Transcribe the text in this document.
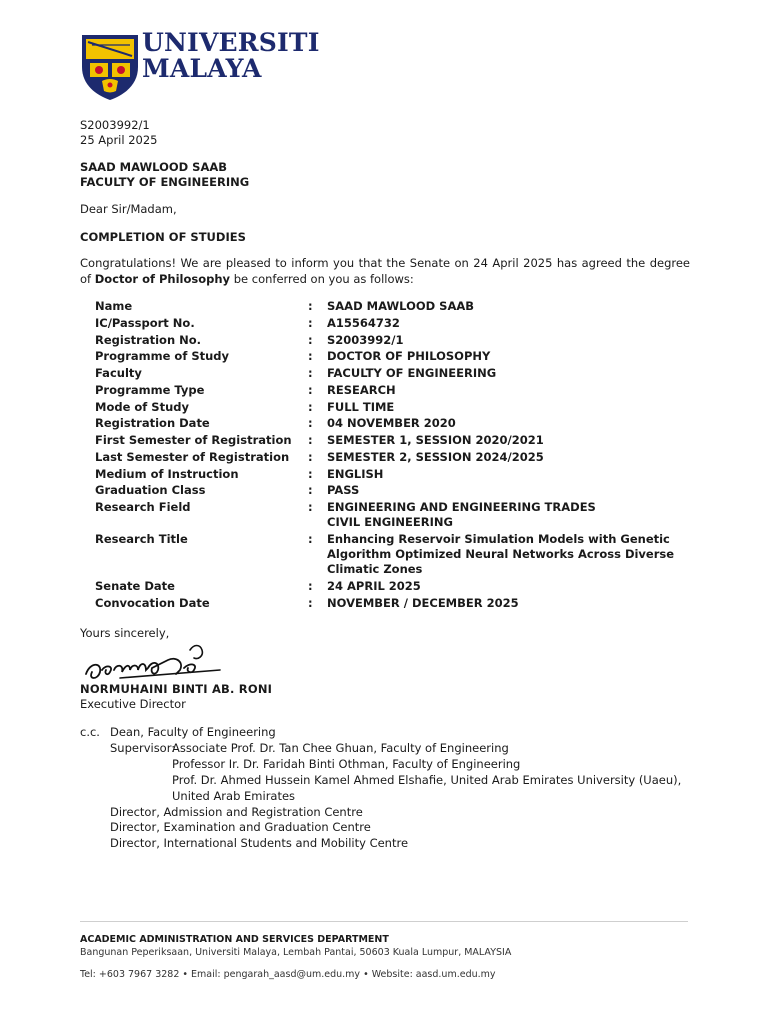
UNIVERSITI
MALAYA
S2003992/1
25 April 2025
SAAD MAWLOOD SAAB
FACULTY OF ENGINEERING
Dear Sir/Madam,
COMPLETION OF STUDIES
Congratulations! We are pleased to inform you that the Senate on 24 April 2025 has agreed the degree of Doctor of Philosophy be conferred on you as follows:
Name	:	SAAD MAWLOOD SAAB
IC/Passport No.	:	A15564732
Registration No.	:	S2003992/1
Programme of Study	:	DOCTOR OF PHILOSOPHY
Faculty	:	FACULTY OF ENGINEERING
Programme Type	:	RESEARCH
Mode of Study	:	FULL TIME
Registration Date	:	04 NOVEMBER 2020
First Semester of Registration	:	SEMESTER 1, SESSION 2020/2021
Last Semester of Registration	:	SEMESTER 2, SESSION 2024/2025
Medium of Instruction	:	ENGLISH
Graduation Class	:	PASS
Research Field	:	ENGINEERING AND ENGINEERING TRADES
CIVIL ENGINEERING
Research Title	:	Enhancing Reservoir Simulation Models with Genetic
Algorithm Optimized Neural Networks Across Diverse
Climatic Zones
Senate Date	:	24 APRIL 2025
Convocation Date	:	NOVEMBER / DECEMBER 2025
Yours sincerely,
NORMUHAINI BINTI AB. RONI
Executive Director
c.c. Dean, Faculty of Engineering
Supervisor:Associate Prof. Dr. Tan Chee Ghuan, Faculty of Engineering
Professor Ir. Dr. Faridah Binti Othman, Faculty of Engineering
Prof. Dr. Ahmed Hussein Kamel Ahmed Elshafie, United Arab Emirates University (Uaeu), United Arab Emirates
Director, Admission and Registration Centre
Director, Examination and Graduation Centre
Director, International Students and Mobility Centre
ACADEMIC ADMINISTRATION AND SERVICES DEPARTMENT
Bangunan Peperiksaan, Universiti Malaya, Lembah Pantai, 50603 Kuala Lumpur, MALAYSIA
Tel: +603 7967 3282 • Email: pengarah_aasd@um.edu.my • Website: aasd.um.edu.my
